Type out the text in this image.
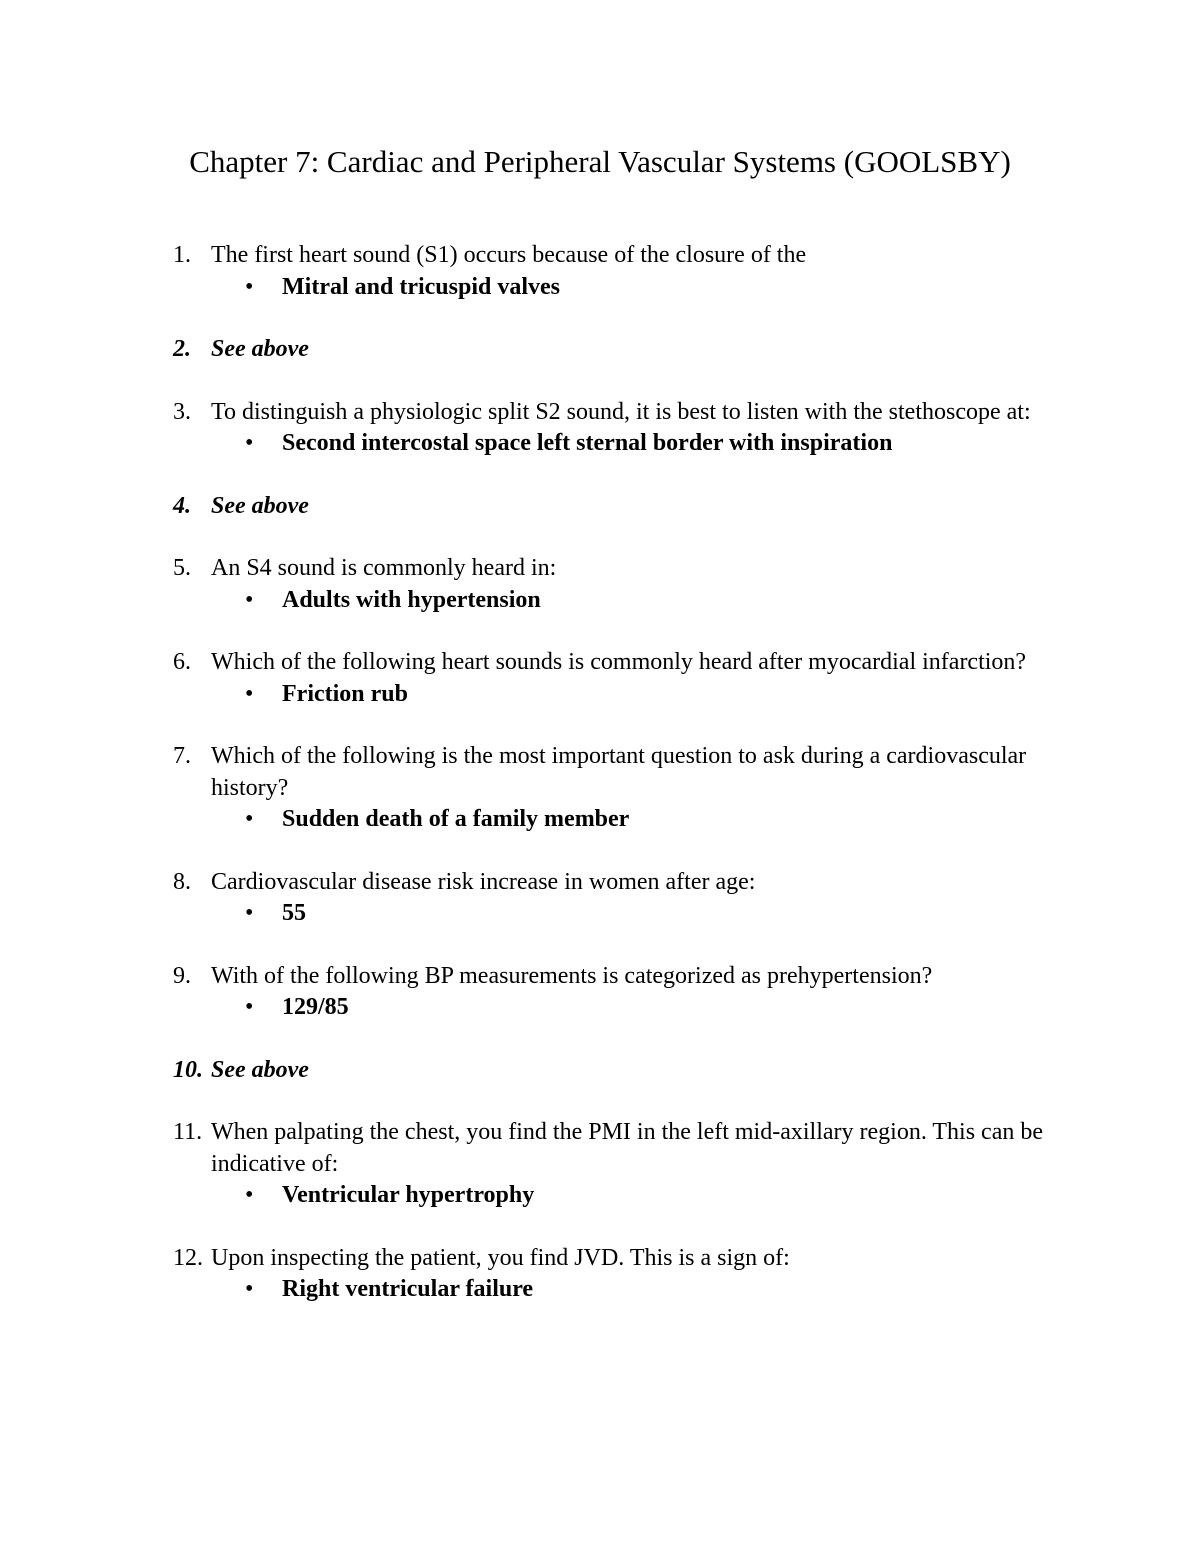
Chapter 7: Cardiac and Peripheral Vascular Systems (GOOLSBY)
1. The first heart sound (S1) occurs because of the closure of the
• Mitral and tricuspid valves
2. See above
3. To distinguish a physiologic split S2 sound, it is best to listen with the stethoscope at:
• Second intercostal space left sternal border with inspiration
4. See above
5. An S4 sound is commonly heard in:
• Adults with hypertension
6. Which of the following heart sounds is commonly heard after myocardial infarction?
• Friction rub
7. Which of the following is the most important question to ask during a cardiovascular history?
• Sudden death of a family member
8. Cardiovascular disease risk increase in women after age:
• 55
9. With of the following BP measurements is categorized as prehypertension?
• 129/85
10. See above
11. When palpating the chest, you find the PMI in the left mid-axillary region. This can be indicative of:
• Ventricular hypertrophy
12. Upon inspecting the patient, you find JVD. This is a sign of:
• Right ventricular failure
